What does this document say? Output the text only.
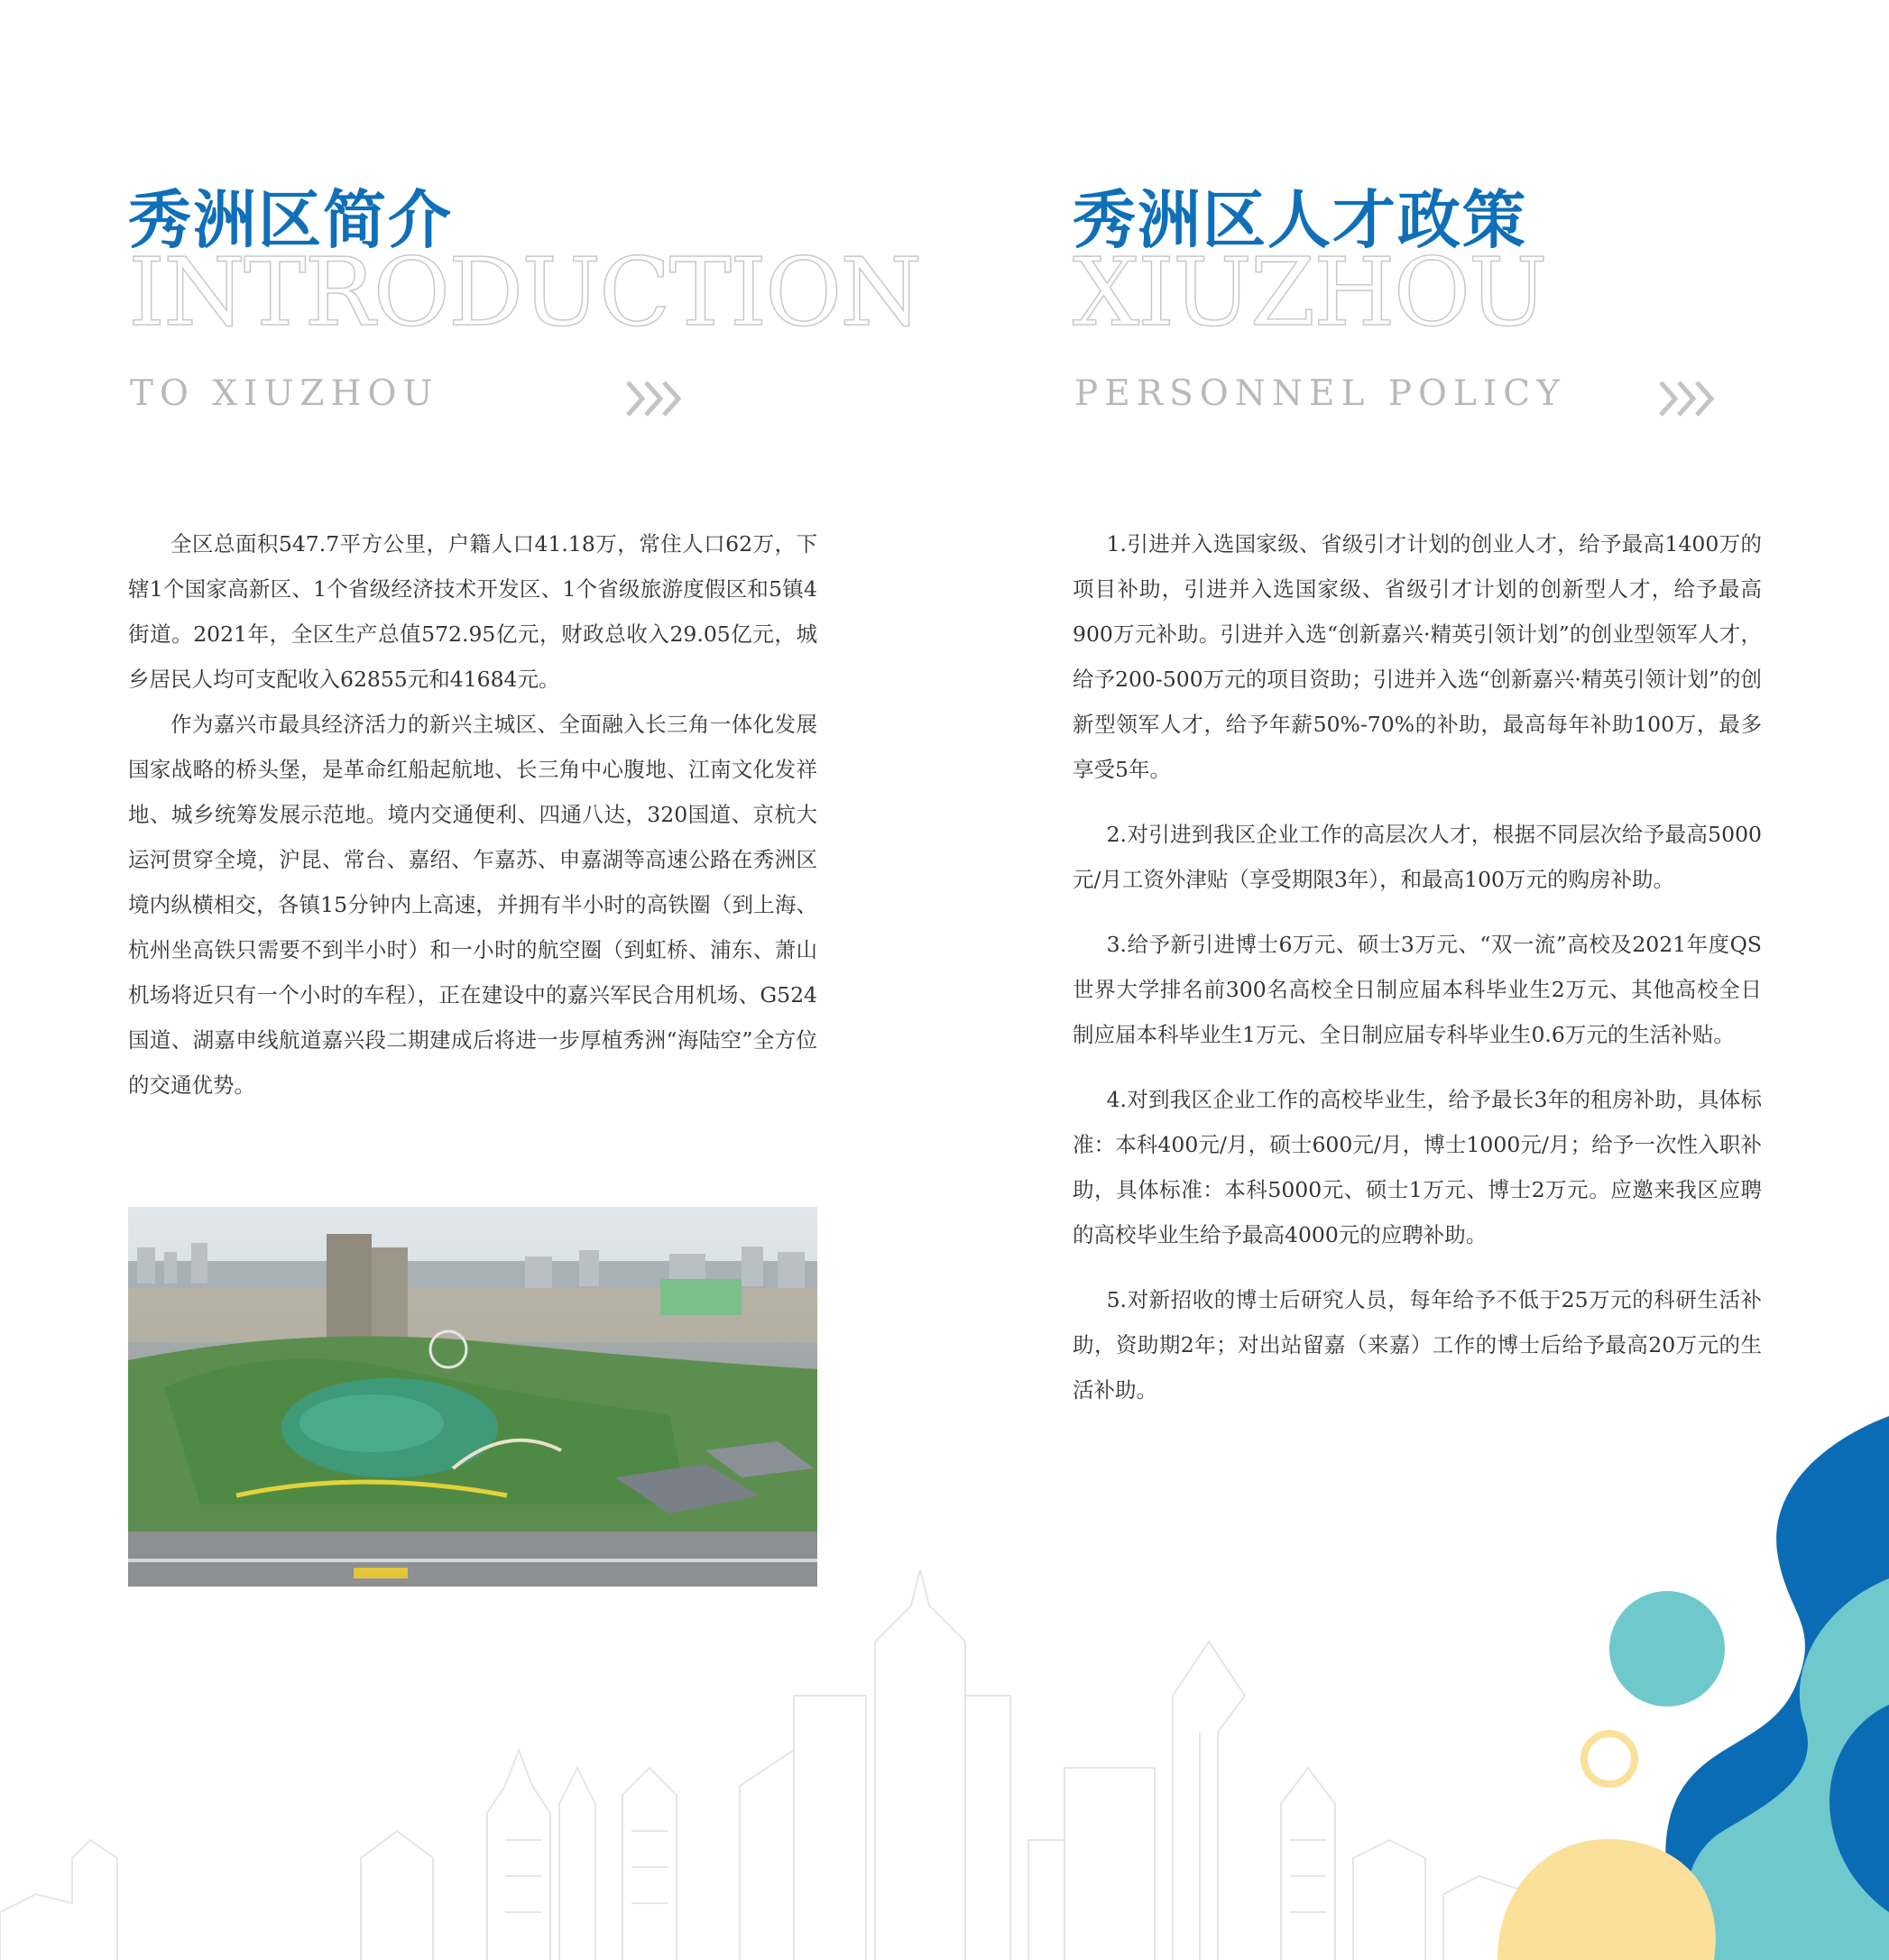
秀洲区简介
INTRODUCTION
TO XIUZHOU

全区总面积547.7平方公里，户籍人口41.18万，常住人口62万，下辖1个国家高新区、1个省级经济技术开发区、1个省级旅游度假区和5镇4街道。2021年，全区生产总值572.95亿元，财政总收入29.05亿元，城乡居民人均可支配收入62855元和41684元。

作为嘉兴市最具经济活力的新兴主城区、全面融入长三角一体化发展国家战略的桥头堡，是革命红船起航地、长三角中心腹地、江南文化发祥地、城乡统筹发展示范地。境内交通便利、四通八达，320国道、京杭大运河贯穿全境，沪昆、常台、嘉绍、乍嘉苏、申嘉湖等高速公路在秀洲区境内纵横相交，各镇15分钟内上高速，并拥有半小时的高铁圈（到上海、杭州坐高铁只需要不到半小时）和一小时的航空圈（到虹桥、浦东、萧山机场将近只有一个小时的车程），正在建设中的嘉兴军民合用机场、G524国道、湖嘉申线航道嘉兴段二期建成后将进一步厚植秀洲“海陆空”全方位的交通优势。

秀洲区人才政策
XIUZHOU
PERSONNEL POLICY

1.引进并入选国家级、省级引才计划的创业人才，给予最高1400万的项目补助，引进并入选国家级、省级引才计划的创新型人才，给予最高900万元补助。引进并入选“创新嘉兴·精英引领计划”的创业型领军人才，给予200-500万元的项目资助；引进并入选“创新嘉兴·精英引领计划”的创新型领军人才，给予年薪50%-70%的补助，最高每年补助100万，最多享受5年。

2.对引进到我区企业工作的高层次人才，根据不同层次给予最高5000元/月工资外津贴（享受期限3年），和最高100万元的购房补助。

3.给予新引进博士6万元、硕士3万元、“双一流”高校及2021年度QS世界大学排名前300名高校全日制应届本科毕业生2万元、其他高校全日制应届本科毕业生1万元、全日制应届专科毕业生0.6万元的生活补贴。

4.对到我区企业工作的高校毕业生，给予最长3年的租房补助，具体标准：本科400元/月，硕士600元/月，博士1000元/月；给予一次性入职补助，具体标准：本科5000元、硕士1万元、博士2万元。应邀来我区应聘的高校毕业生给予最高4000元的应聘补助。

5.对新招收的博士后研究人员，每年给予不低于25万元的科研生活补助，资助期2年；对出站留嘉（来嘉）工作的博士后给予最高20万元的生活补助。
